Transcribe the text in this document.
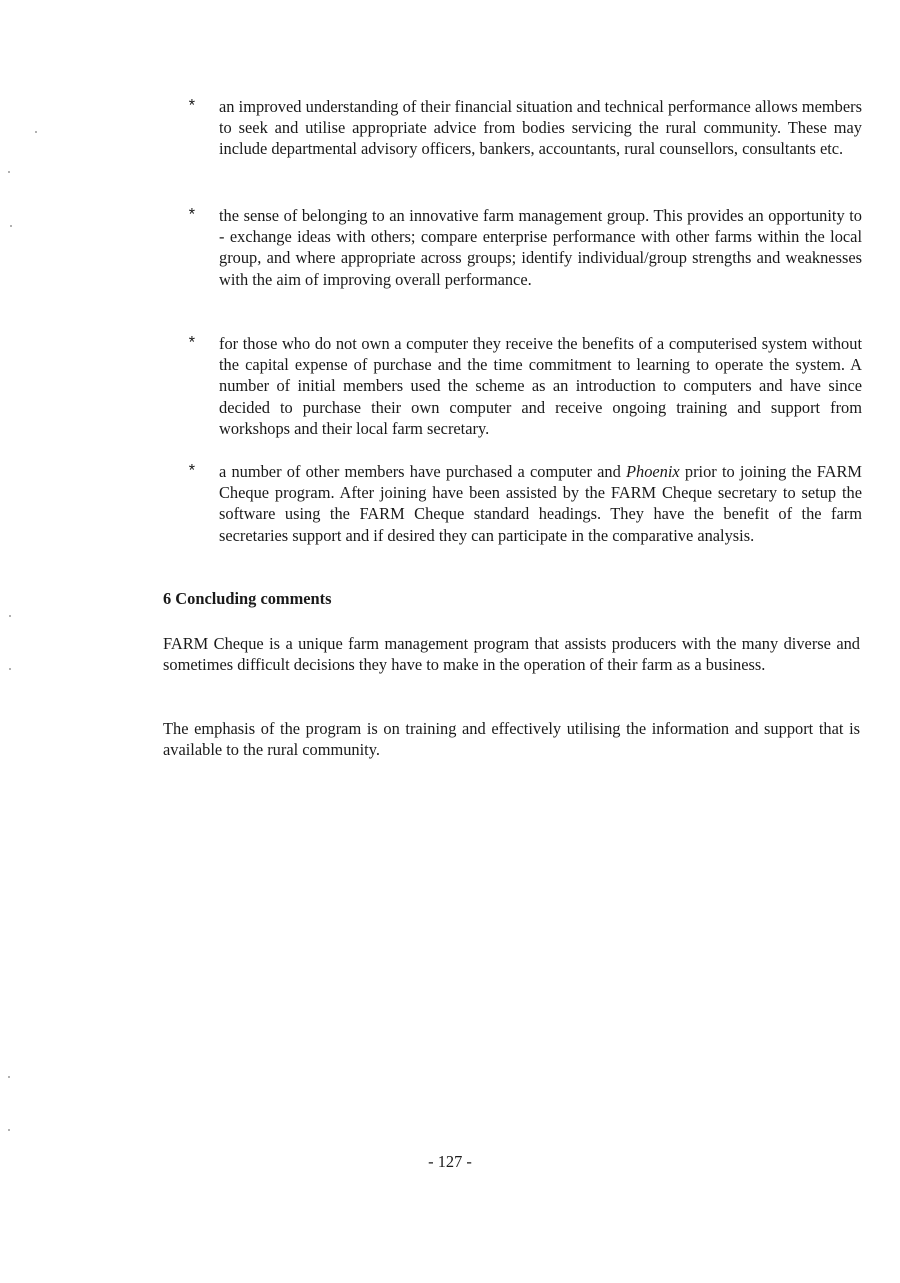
*	an improved understanding of their financial situation and technical performance allows members to seek and utilise appropriate advice from bodies servicing the rural community. These may include departmental advisory officers, bankers, accountants, rural counsellors, consultants etc.
*	the sense of belonging to an innovative farm management group. This provides an opportunity to - exchange ideas with others; compare enterprise performance with other farms within the local group, and where appropriate across groups; identify individual/group strengths and weaknesses with the aim of improving overall performance.
*	for those who do not own a computer they receive the benefits of a computerised system without the capital expense of purchase and the time commitment to learning to operate the system. A number of initial members used the scheme as an introduction to computers and have since decided to purchase their own computer and receive ongoing training and support from workshops and their local farm secretary.
*	a number of other members have purchased a computer and Phoenix prior to joining the FARM Cheque program. After joining have been assisted by the FARM Cheque secretary to setup the software using the FARM Cheque standard headings. They have the benefit of the farm secretaries support and if desired they can participate in the comparative analysis.
6 Concluding comments
FARM Cheque is a unique farm management program that assists producers with the many diverse and sometimes difficult decisions they have to make in the operation of their farm as a business.
The emphasis of the program is on training and effectively utilising the information and support that is available to the rural community.
- 127 -
